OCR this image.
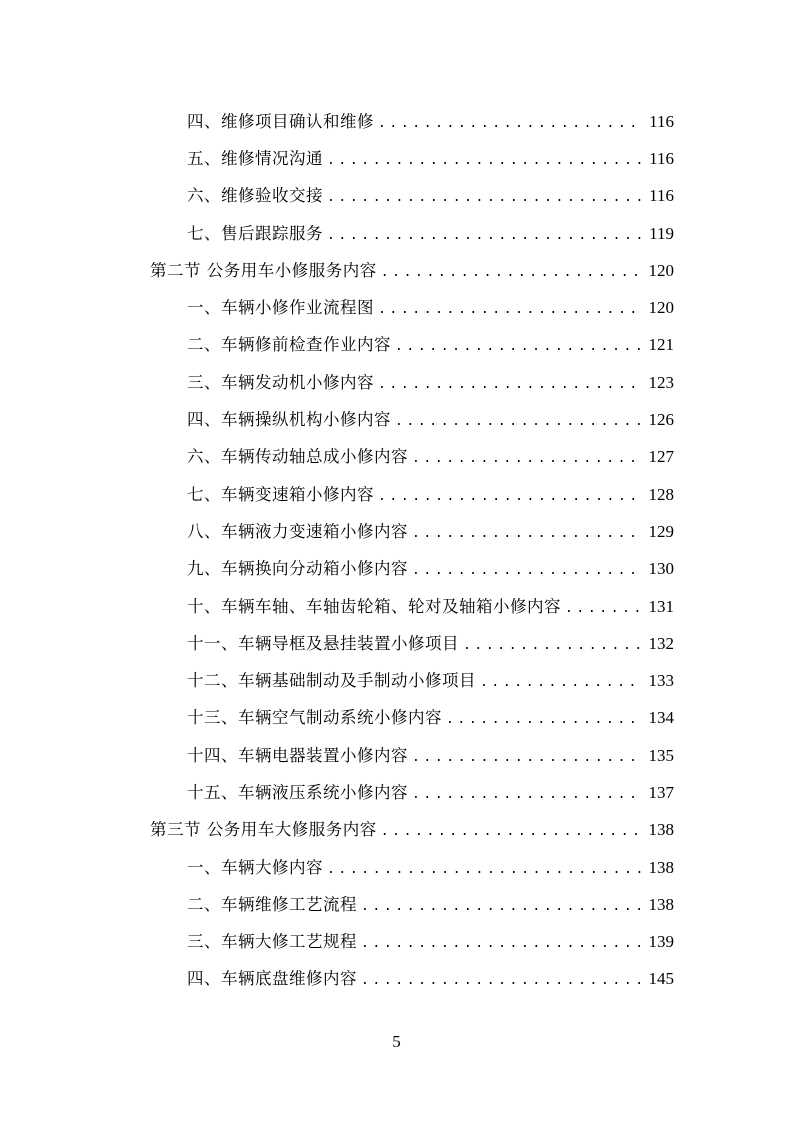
四、维修项目确认和维修 .....	116
五、维修情况沟通 .....	116
六、维修验收交接 .....	116
七、售后跟踪服务 .....	119
第二节 公务用车小修服务内容 .....	120
一、车辆小修作业流程图 .....	120
二、车辆修前检查作业内容 .....	121
三、车辆发动机小修内容 .....	123
四、车辆操纵机构小修内容 .....	126
六、车辆传动轴总成小修内容 .....	127
七、车辆变速箱小修内容 .....	128
八、车辆液力变速箱小修内容 .....	129
九、车辆换向分动箱小修内容 .....	130
十、车辆车轴、车轴齿轮箱、轮对及轴箱小修内容 .....	131
十一、车辆导框及悬挂装置小修项目 .....	132
十二、车辆基础制动及手制动小修项目 .....	133
十三、车辆空气制动系统小修内容 .....	134
十四、车辆电器装置小修内容 .....	135
十五、车辆液压系统小修内容 .....	137
第三节 公务用车大修服务内容 .....	138
一、车辆大修内容 .....	138
二、车辆维修工艺流程 .....	138
三、车辆大修工艺规程 .....	139
四、车辆底盘维修内容 .....	145
5
